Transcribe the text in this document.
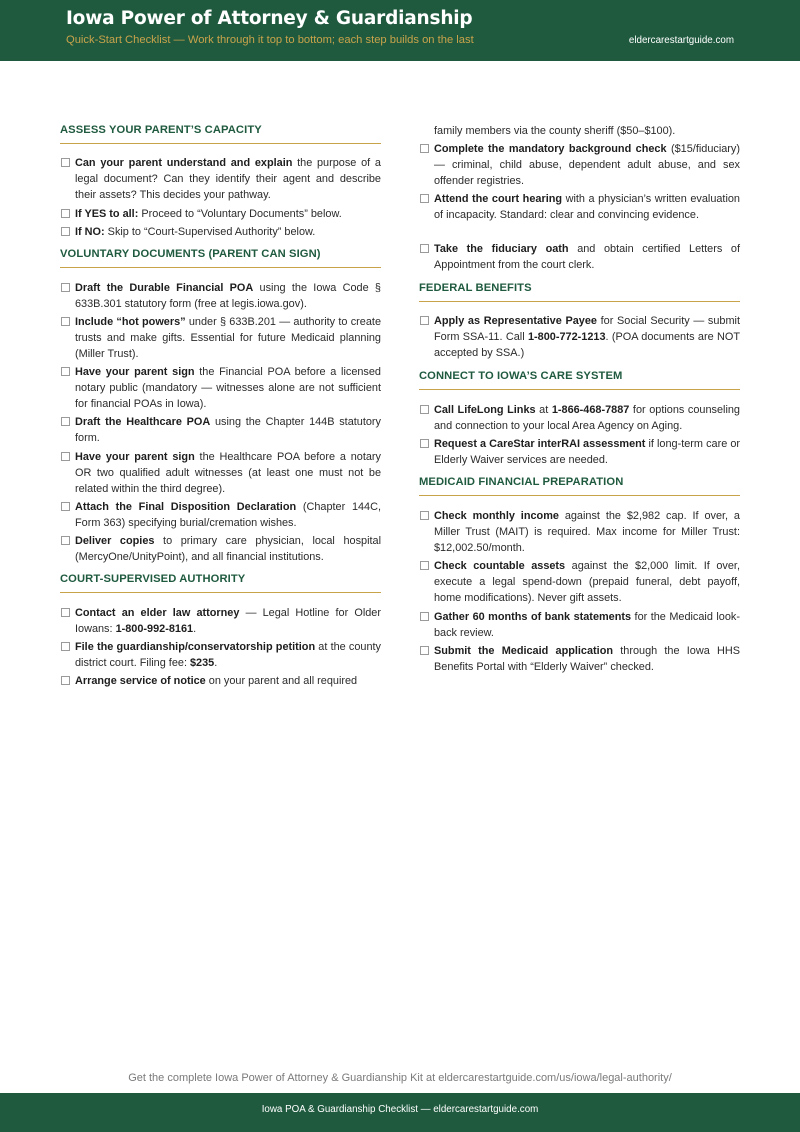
Iowa Power of Attorney & Guardianship
Quick-Start Checklist — Work through it top to bottom; each step builds on the last	eldercarestartguide.com
ASSESS YOUR PARENT’S CAPACITY
Can your parent understand and explain the purpose of a legal document? Can they identify their agent and describe their assets? This decides your pathway.
If YES to all: Proceed to “Voluntary Documents” below.
If NO: Skip to “Court-Supervised Authority” below.
VOLUNTARY DOCUMENTS (PARENT CAN SIGN)
Draft the Durable Financial POA using the Iowa Code § 633B.301 statutory form (free at legis.iowa.gov).
Include “hot powers” under § 633B.201 — authority to create trusts and make gifts. Essential for future Medicaid planning (Miller Trust).
Have your parent sign the Financial POA before a licensed notary public (mandatory — witnesses alone are not sufficient for financial POAs in Iowa).
Draft the Healthcare POA using the Chapter 144B statutory form.
Have your parent sign the Healthcare POA before a notary OR two qualified adult witnesses (at least one must not be related within the third degree).
Attach the Final Disposition Declaration (Chapter 144C, Form 363) specifying burial/cremation wishes.
Deliver copies to primary care physician, local hospital (MercyOne/UnityPoint), and all financial institutions.
COURT-SUPERVISED AUTHORITY
Contact an elder law attorney — Legal Hotline for Older Iowans: 1-800-992-8161.
File the guardianship/conservatorship petition at the county district court. Filing fee: $235.
Arrange service of notice on your parent and all required
family members via the county sheriff ($50–$100).
Complete the mandatory background check ($15/fiduciary) — criminal, child abuse, dependent adult abuse, and sex offender registries.
Attend the court hearing with a physician’s written evaluation of incapacity. Standard: clear and convincing evidence.
Take the fiduciary oath and obtain certified Letters of Appointment from the court clerk.
FEDERAL BENEFITS
Apply as Representative Payee for Social Security — submit Form SSA-11. Call 1-800-772-1213. (POA documents are NOT accepted by SSA.)
CONNECT TO IOWA’S CARE SYSTEM
Call LifeLong Links at 1-866-468-7887 for options counseling and connection to your local Area Agency on Aging.
Request a CareStar interRAI assessment if long-term care or Elderly Waiver services are needed.
MEDICAID FINANCIAL PREPARATION
Check monthly income against the $2,982 cap. If over, a Miller Trust (MAIT) is required. Max income for Miller Trust: $12,002.50/month.
Check countable assets against the $2,000 limit. If over, execute a legal spend-down (prepaid funeral, debt payoff, home modifications). Never gift assets.
Gather 60 months of bank statements for the Medicaid look-back review.
Submit the Medicaid application through the Iowa HHS Benefits Portal with “Elderly Waiver” checked.
Get the complete Iowa Power of Attorney & Guardianship Kit at eldercarestartguide.com/us/iowa/legal-authority/
Iowa POA & Guardianship Checklist — eldercarestartguide.com
